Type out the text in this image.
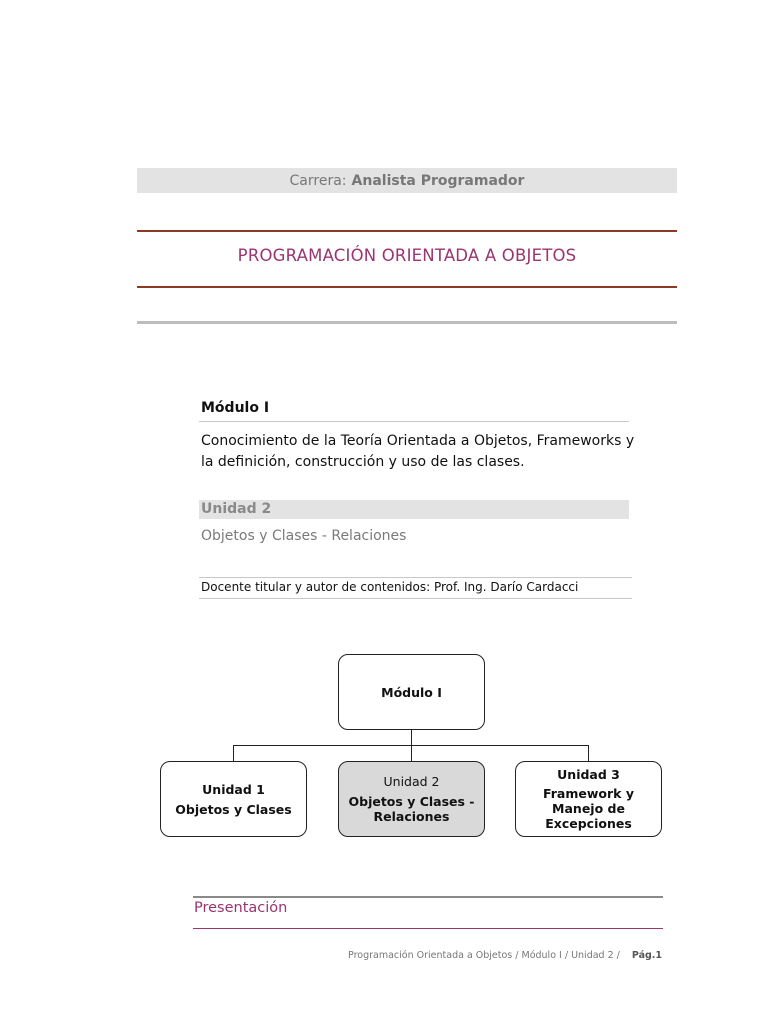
Carrera: Analista Programador
PROGRAMACIÓN ORIENTADA A OBJETOS
Módulo I
Conocimiento de la Teoría Orientada a Objetos, Frameworks y la definición, construcción y uso de las clases.
Unidad 2
Objetos y Clases - Relaciones
Docente titular y autor de contenidos: Prof. Ing. Darío Cardacci
Módulo I
Unidad 1
Objetos y Clases
Unidad 2
Objetos y Clases - Relaciones
Unidad 3
Framework y Manejo de Excepciones
Presentación
Programación Orientada a Objetos / Módulo I / Unidad 2 / Pág.1
